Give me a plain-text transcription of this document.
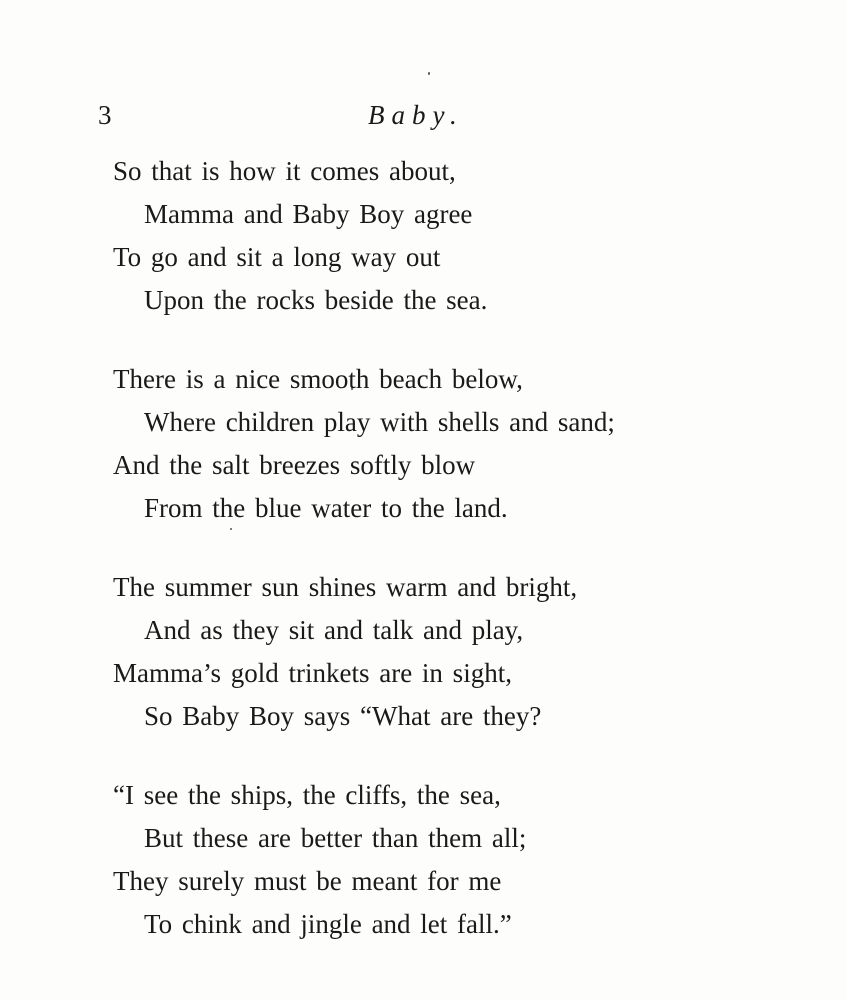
3	Baby.
So that is how it comes about,
Mamma and Baby Boy agree
To go and sit a long way out
Upon the rocks beside the sea.
There is a nice smooth beach below,
Where children play with shells and sand;
And the salt breezes softly blow
From the blue water to the land.
The summer sun shines warm and bright,
And as they sit and talk and play,
Mamma’s gold trinkets are in sight,
So Baby Boy says “What are they?
“I see the ships, the cliffs, the sea,
But these are better than them all;
They surely must be meant for me
To chink and jingle and let fall.”
